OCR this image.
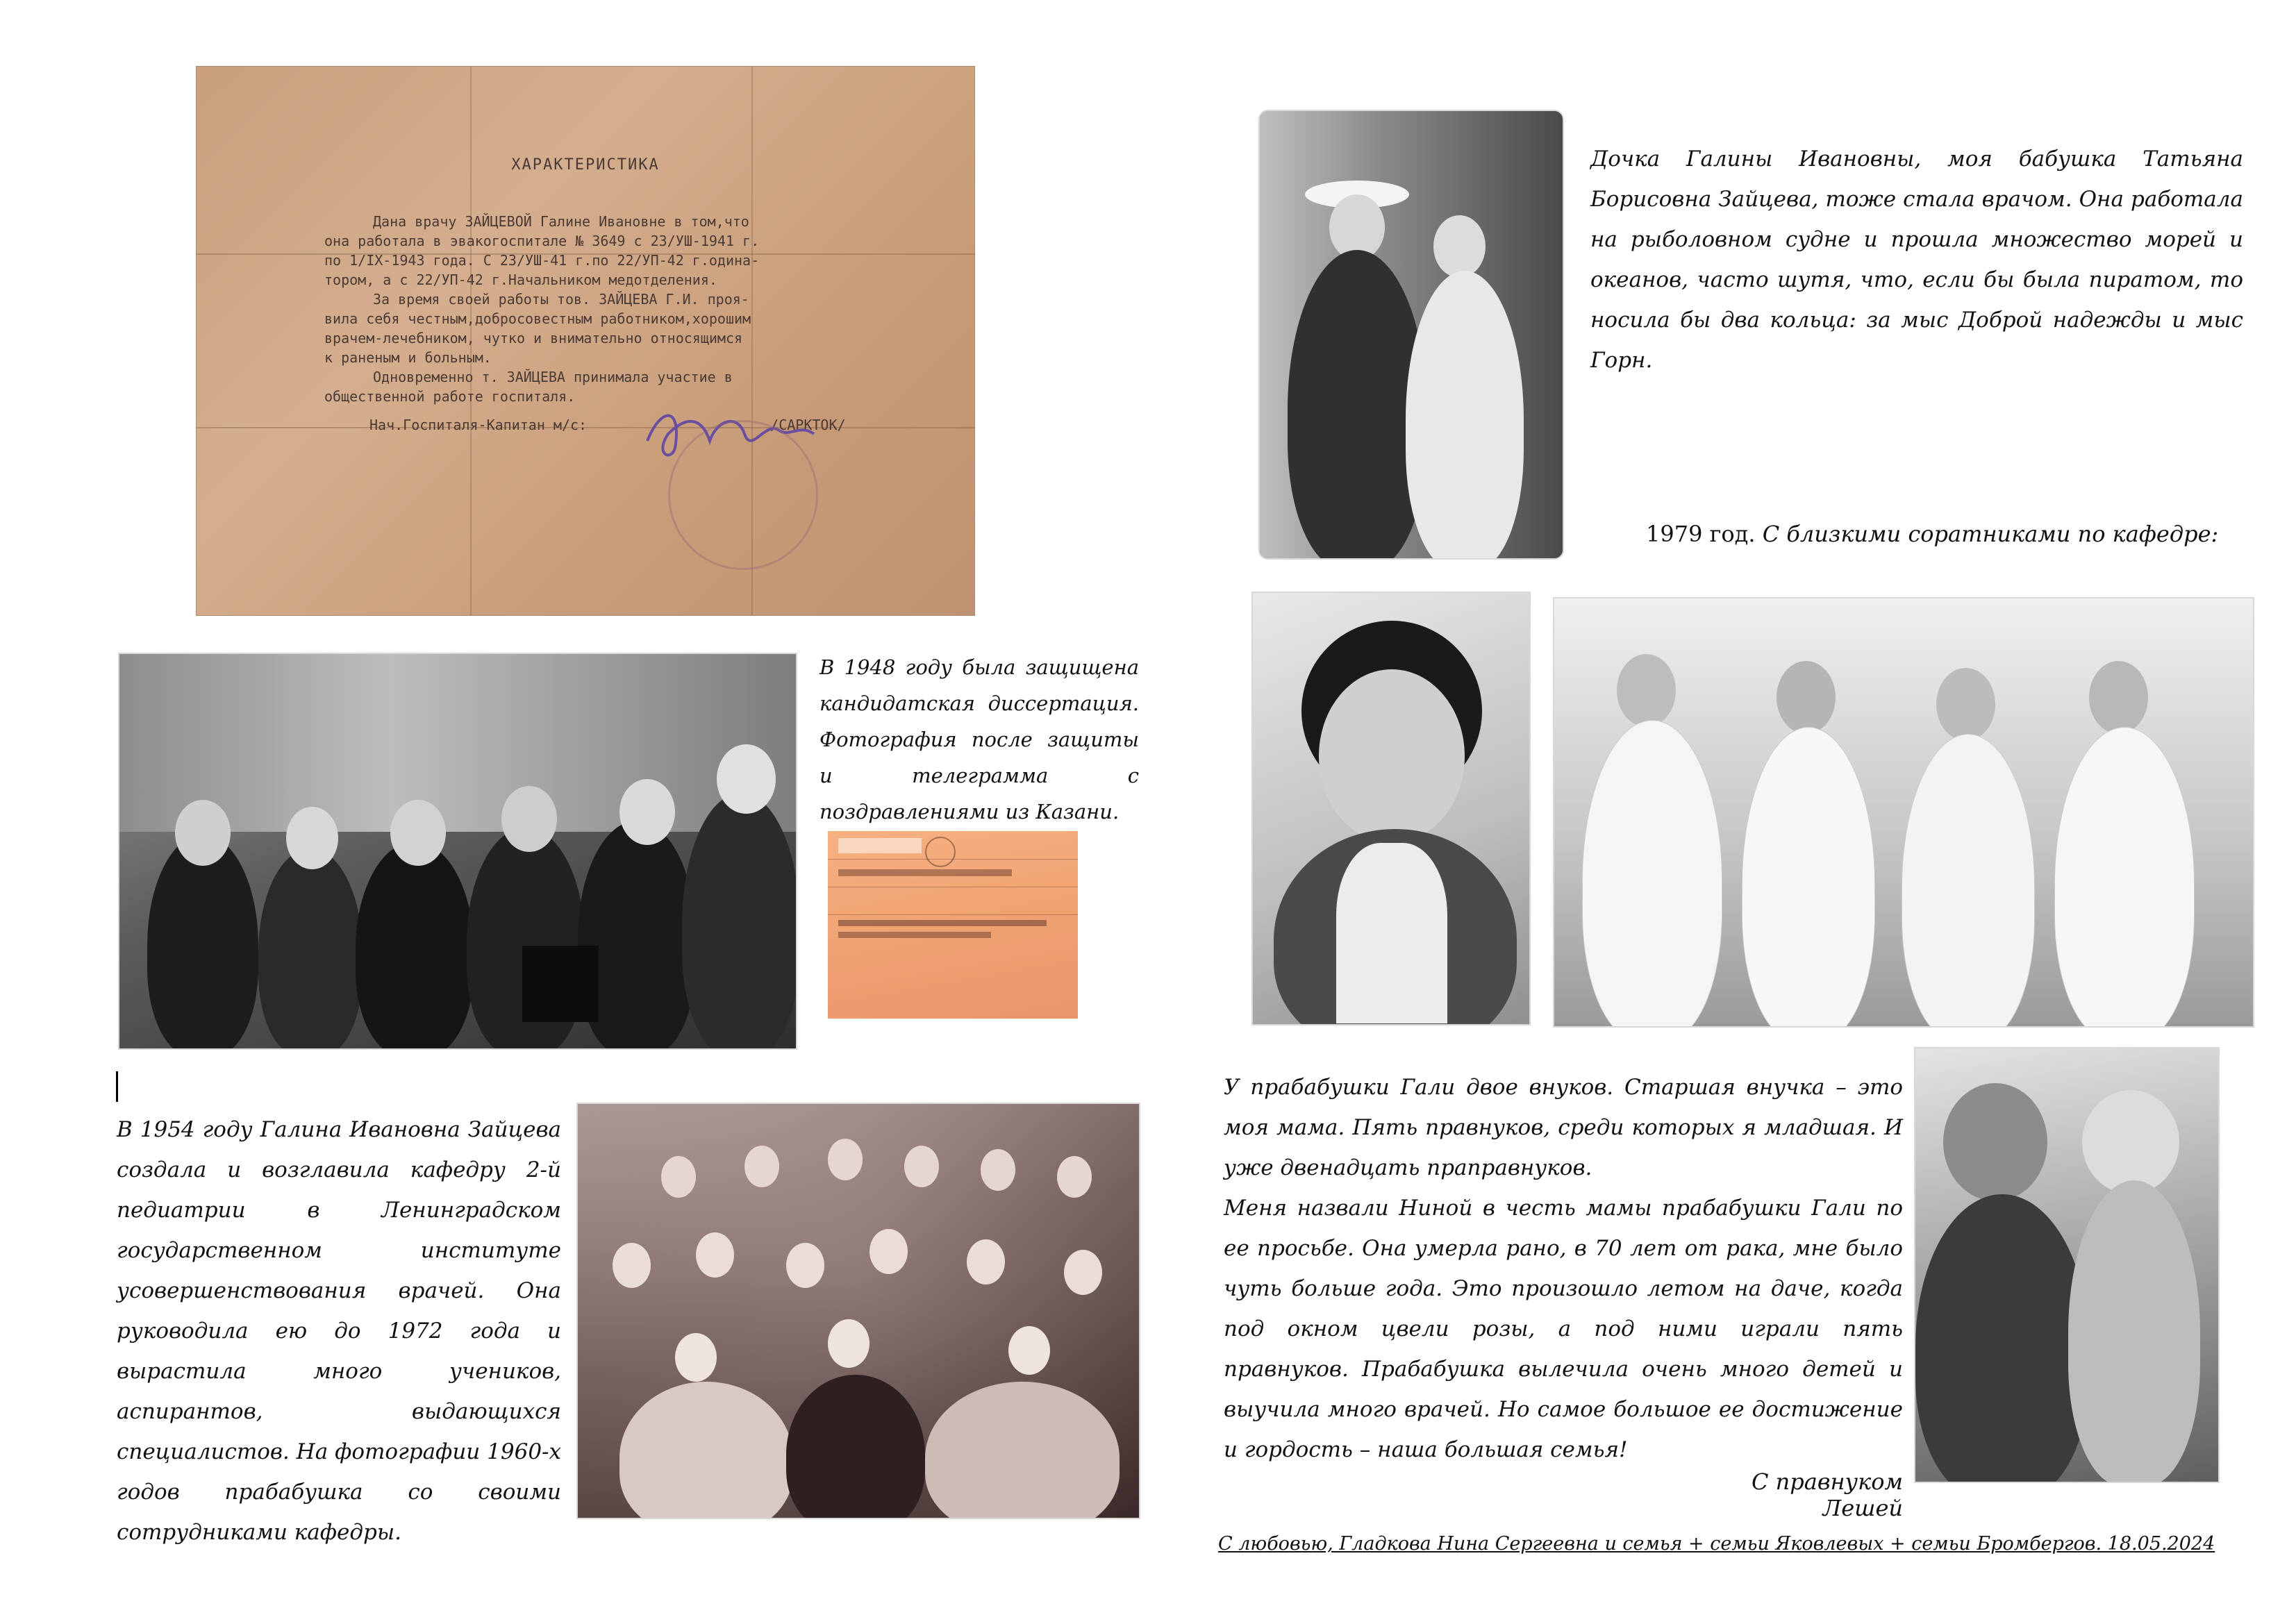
ХАРАКТЕРИСТИКА
Дана врачу ЗАЙЦЕВОЙ Галине Ивановне в том,что
она работала в эвакогоспитале № 3649 с 23/УШ-1941 г.
по 1/IХ-1943 года. С 23/УШ-41 г.по 22/УП-42 г.одина-
тором, а с 22/УП-42 г.Начальником медотделения.
За время своей работы тов. ЗАЙЦЕВА Г.И. проя-
вила себя честным,добросовестным работником,хорошим
врачем-лечебником, чутко и внимательно относящимся
к раненым и больным.
Одновременно т. ЗАЙЦЕВА принимала участие в
общественной работе госпиталя.
Нач.Госпиталя-Капитан м/с:	/САРКТОК/
В 1948 году была защищена кандидатская диссертация. Фотография после защиты и телеграмма с поздравлениями из Казани.
В 1954 году Галина Ивановна Зайцева создала и возглавила кафедру 2-й педиатрии в Ленинградском государственном институте усовершенствования врачей. Она руководила ею до 1972 года и вырастила много учеников, аспирантов, выдающихся специалистов. На фотографии 1960-х годов прабабушка со своими сотрудниками кафедры.
Дочка Галины Ивановны, моя бабушка Татьяна Борисовна Зайцева, тоже стала врачом. Она работала на рыболовном судне и прошла множество морей и океанов, часто шутя, что, если бы была пиратом, то носила бы два кольца: за мыс Доброй надежды и мыс Горн.
1979 год. С близкими соратниками по кафедре:

У прабабушки Гали двое внуков. Старшая внучка – это моя мама. Пять правнуков, среди которых я младшая. И уже двенадцать праправнуков.

Меня назвали Ниной в честь мамы прабабушки Гали по ее просьбе. Она умерла рано, в 70 лет от рака, мне было чуть больше года. Это произошло летом на даче, когда под окном цвели розы, а под ними играли пять правнуков. Прабабушка вылечила очень много детей и выучила много врачей. Но самое большое ее достижение и гордость – наша большая семья!

С правнуком Лешей
С любовью, Гладкова Нина Сергеевна и семья + семьи Яковлевых + семьи Бромбергов. 18.05.2024
